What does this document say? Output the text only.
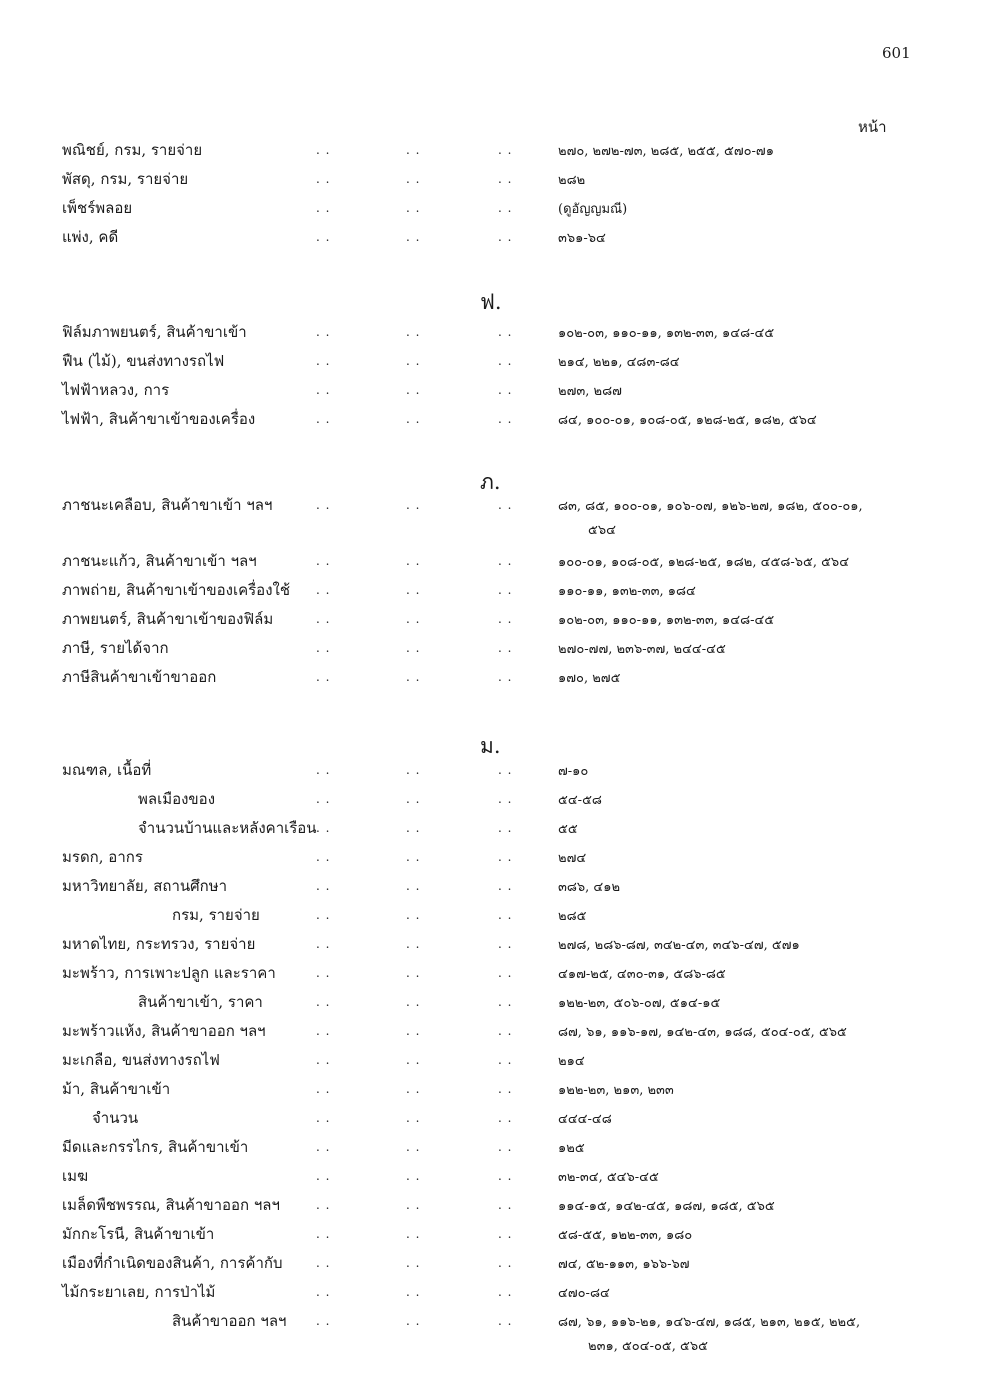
601
หน้า
พณิชย์, กรม, รายจ่าย	. .	. .	. .	๒๗๐, ๒๗๒-๗๓, ๒๘๕, ๒๕๕, ๕๗๐-๗๑
พัสดุ, กรม, รายจ่าย	. .	. .	. .	๒๘๒
เพ็ชร์พลอย	. .	. .	. .	(ดูอัญญมณี)
แพ่ง, คดี	. .	. .	. .	๓๖๑-๖๔
ฟ.
ฟิล์มภาพยนตร์, สินค้าขาเข้า	. .	. .	. .	๑๐๒-๐๓, ๑๑๐-๑๑, ๑๓๒-๓๓, ๑๔๘-๔๕
ฟืน (ไม้), ขนส่งทางรถไฟ	. .	. .	. .	๒๑๔, ๒๒๑, ๔๘๓-๘๔
ไฟฟ้าหลวง, การ	. .	. .	. .	๒๗๓, ๒๘๗
ไฟฟ้า, สินค้าขาเข้าของเครื่อง	. .	. .	. .	๘๔, ๑๐๐-๐๑, ๑๐๘-๐๕, ๑๒๘-๒๕, ๑๘๒, ๕๖๔
ภ.
ภาชนะเคลือบ, สินค้าขาเข้า ฯลฯ	. .	. .	. .	๘๓, ๘๕, ๑๐๐-๐๑, ๑๐๖-๐๗, ๑๒๖-๒๗, ๑๘๒, ๕๐๐-๐๑,
๕๖๔
ภาชนะแก้ว, สินค้าขาเข้า ฯลฯ	. .	. .	. .	๑๐๐-๐๑, ๑๐๘-๐๕, ๑๒๘-๒๕, ๑๘๒, ๔๕๘-๖๕, ๕๖๔
ภาพถ่าย, สินค้าขาเข้าของเครื่องใช้ . .	. .	. .	๑๑๐-๑๑, ๑๓๒-๓๓, ๑๘๔
ภาพยนตร์, สินค้าขาเข้าของฟิล์ม	. .	. .	. .	๑๐๒-๐๓, ๑๑๐-๑๑, ๑๓๒-๓๓, ๑๔๘-๔๕
ภาษี, รายได้จาก	. .	. .	. .	๒๗๐-๗๗, ๒๓๖-๓๗, ๒๔๔-๔๕
ภาษีสินค้าขาเข้าขาออก	. .	. .	. .	๑๗๐, ๒๗๕
ม.
มณฑล, เนื้อที่	. .	. .	. .	๗-๑๐
พลเมืองของ	. .	. .	. .	๕๔-๕๘
จำนวนบ้านและหลังคาเรือน . .	. .	. .	๕๕
มรดก, อากร	. .	. .	. .	๒๗๔
มหาวิทยาลัย, สถานศึกษา	. .	. .	. .	๓๘๖, ๔๑๒
กรม, รายจ่าย	. .	. .	. .	๒๘๕
มหาดไทย, กระทรวง, รายจ่าย	. .	. .	. .	๒๗๘, ๒๘๖-๘๗, ๓๔๒-๔๓, ๓๔๖-๔๗, ๕๗๑
มะพร้าว, การเพาะปลูก และราคา	. .	. .	. .	๔๑๗-๒๕, ๔๓๐-๓๑, ๕๘๖-๘๕
สินค้าขาเข้า, ราคา	. .	. .	. .	๑๒๒-๒๓, ๕๐๖-๐๗, ๕๑๔-๑๕
มะพร้าวแห้ง, สินค้าขาออก ฯลฯ	. .	. .	. .	๘๗, ๖๑, ๑๑๖-๑๗, ๑๔๒-๔๓, ๑๘๘, ๕๐๔-๐๕, ๕๖๕
มะเกลือ, ขนส่งทางรถไฟ	. .	. .	. .	๒๑๔
ม้า, สินค้าขาเข้า	. .	. .	. .	๑๒๒-๒๓, ๒๑๓, ๒๓๓
จำนวน	. .	. .	. .	๔๔๔-๔๘
มีดและกรรไกร, สินค้าขาเข้า	. .	. .	. .	๑๒๕
เมฆ	. .	. .	. .	๓๒-๓๔, ๕๔๖-๔๕
เมล็ดพืชพรรณ, สินค้าขาออก ฯลฯ	. .	. .	. .	๑๑๔-๑๕, ๑๔๒-๔๕, ๑๘๗, ๑๘๕, ๕๖๕
มักกะโรนี, สินค้าขาเข้า	. .	. .	. .	๕๘-๕๕, ๑๒๒-๓๓, ๑๘๐
เมืองที่กำเนิดของสินค้า, การค้ากับ	. .	. .	. .	๗๔, ๕๒-๑๑๓, ๑๖๖-๖๗
ไม้กระยาเลย, การป่าไม้	. .	. .	. .	๔๗๐-๘๔
สินค้าขาออก ฯลฯ . .	. .	. .	๘๗, ๖๑, ๑๑๖-๒๑, ๑๔๖-๔๗, ๑๘๕, ๒๑๓, ๒๑๕, ๒๒๕,
๒๓๑, ๕๐๔-๐๕, ๕๖๕
